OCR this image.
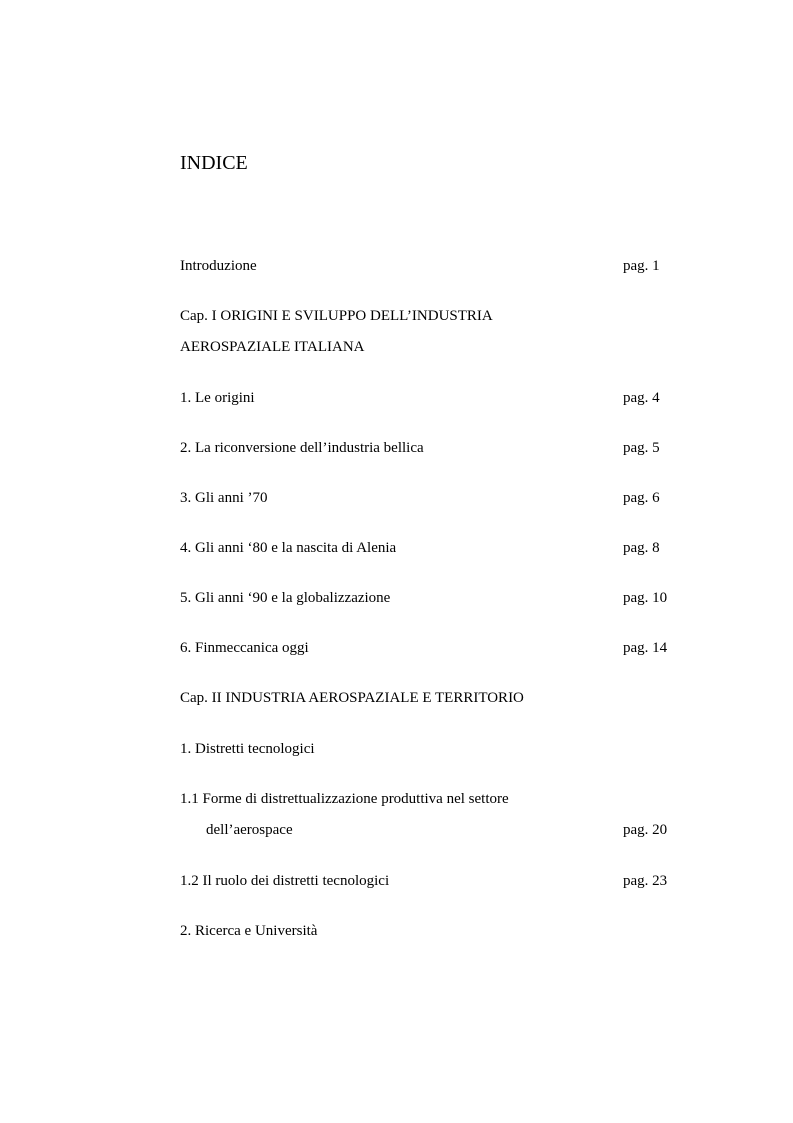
INDICE
Introduzione	pag. 1
Cap. I ORIGINI E SVILUPPO DELL’INDUSTRIA
AEROSPAZIALE ITALIANA
1. Le origini	pag. 4
2. La riconversione dell’industria bellica	pag. 5
3. Gli anni ’70	pag. 6
4. Gli anni ‘80 e la nascita di Alenia	pag. 8
5. Gli anni ‘90 e la globalizzazione	pag. 10
6. Finmeccanica oggi	pag. 14
Cap. II INDUSTRIA AEROSPAZIALE E TERRITORIO
1. Distretti tecnologici
1.1 Forme di distrettualizzazione produttiva nel settore
dell’aerospace	pag. 20
1.2 Il ruolo dei distretti tecnologici	pag. 23
2. Ricerca e Università
